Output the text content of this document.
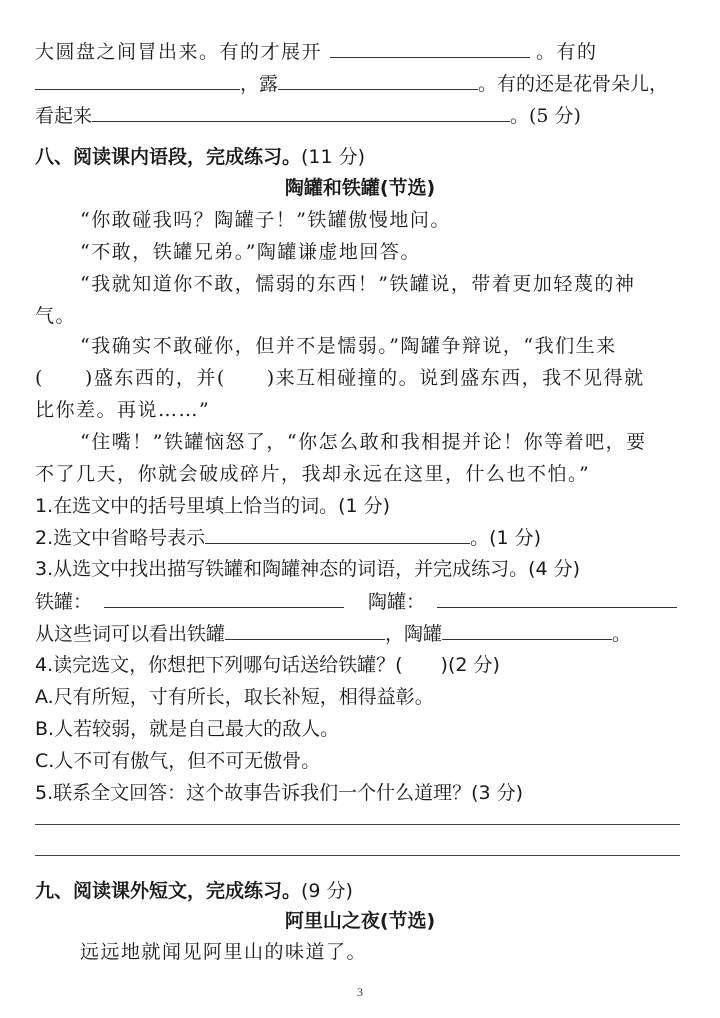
大圆盘之间冒出来。有的才展开	。有的
，露	。有的还是花骨朵儿，
看起来	。(5 分)
八、阅读课内语段，完成练习。(11 分)
陶罐和铁罐(节选)
“你敢碰我吗？陶罐子！”铁罐傲慢地问。
“不敢，铁罐兄弟。”陶罐谦虚地回答。
“我就知道你不敢，懦弱的东西！”铁罐说，带着更加轻蔑的神
气。
“我确实不敢碰你，但并不是懦弱。”陶罐争辩说，“我们生来
(　　)盛东西的，并(　　)来互相碰撞的。说到盛东西，我不见得就
比你差。再说……”
“住嘴！”铁罐恼怒了，“你怎么敢和我相提并论！你等着吧，要
不了几天，你就会破成碎片，我却永远在这里，什么也不怕。”
1.在选文中的括号里填上恰当的词。(1 分)
2.选文中省略号表示	。(1 分)
3.从选文中找出描写铁罐和陶罐神态的词语，并完成练习。(4 分)
铁罐：	陶罐：
从这些词可以看出铁罐	，陶罐	。
4.读完选文，你想把下列哪句话送给铁罐？(　　)(2 分)
A.尺有所短，寸有所长，取长补短，相得益彰。
B.人若较弱，就是自己最大的敌人。
C.人不可有傲气，但不可无傲骨。
5.联系全文回答：这个故事告诉我们一个什么道理？(3 分)
九、阅读课外短文，完成练习。(9 分)
阿里山之夜(节选)
远远地就闻见阿里山的味道了。
3
